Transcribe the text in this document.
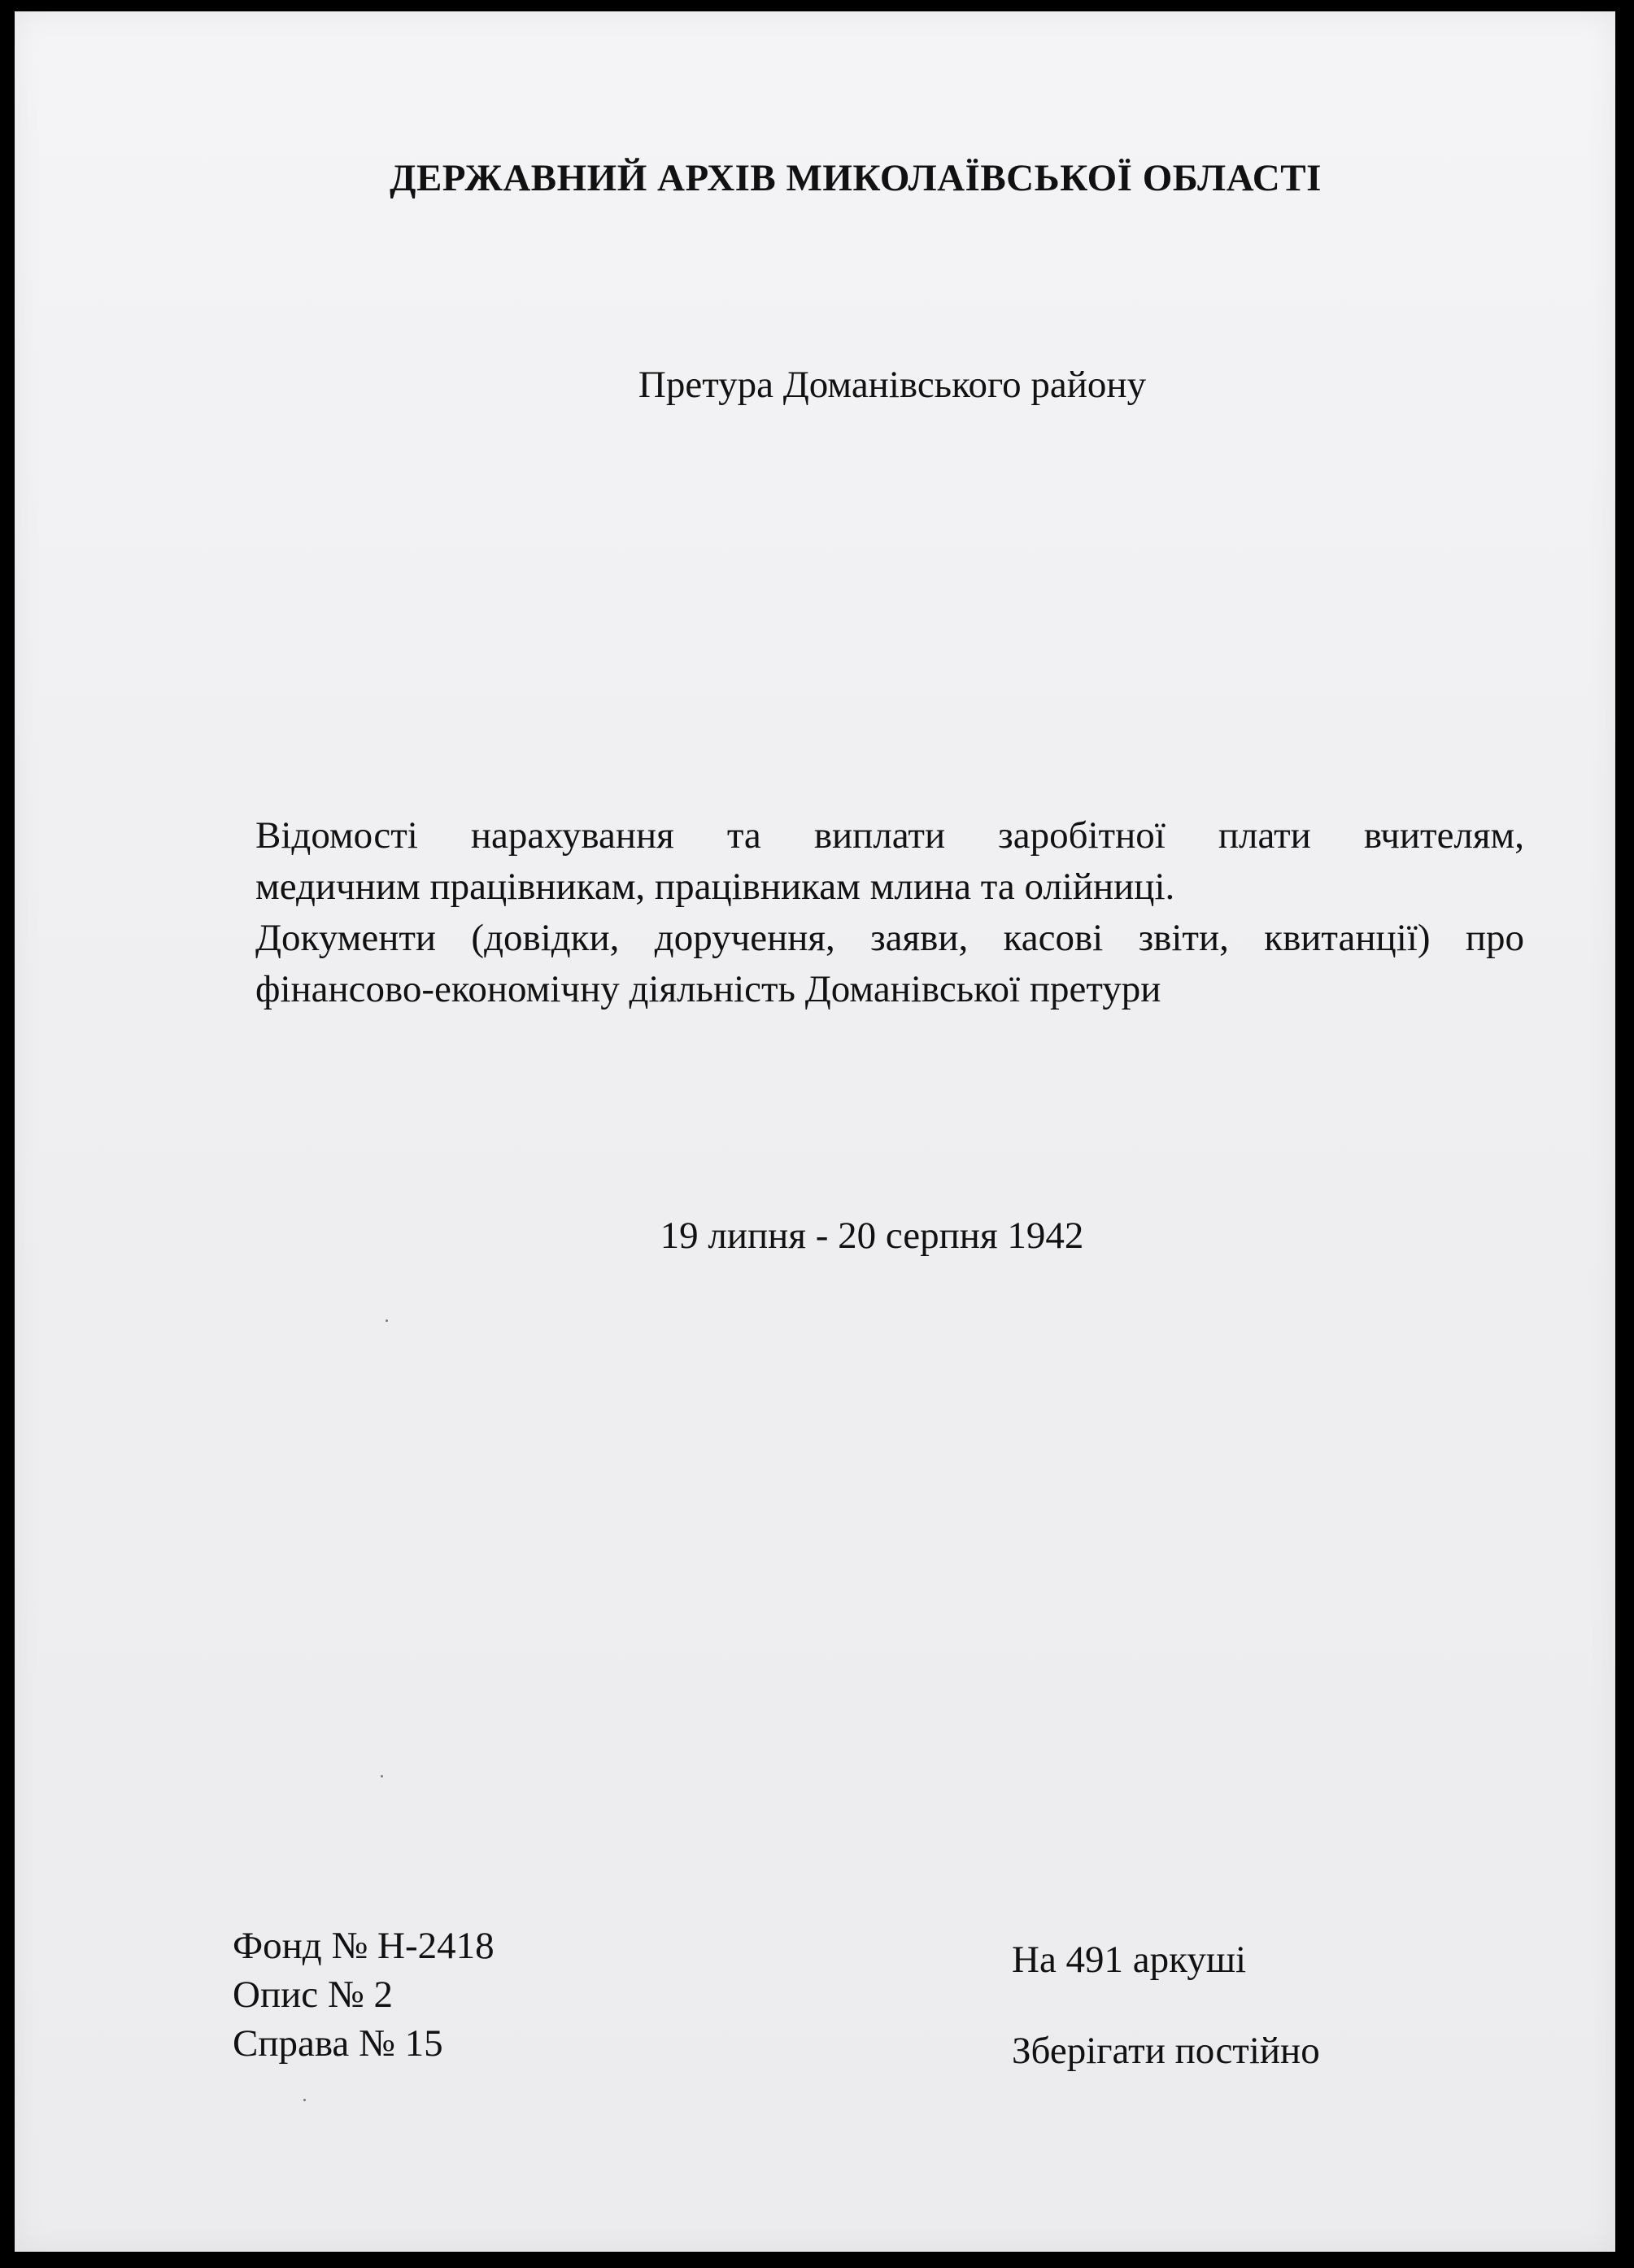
ДЕРЖАВНИЙ АРХІВ МИКОЛАЇВСЬКОЇ ОБЛАСТІ
Претура Доманівського району

Відомості нарахування та виплати заробітної плати вчителям,

медичним працівникам, працівникам млина та олійниці.

Документи (довідки, доручення, заяви, касові звіти, квитанції) про

фінансово-економічну діяльність Доманівської претури

19 липня - 20 серпня 1942
Фонд № Н-2418
Опис № 2
Справа № 15
На 491 аркуші
Зберігати постійно
